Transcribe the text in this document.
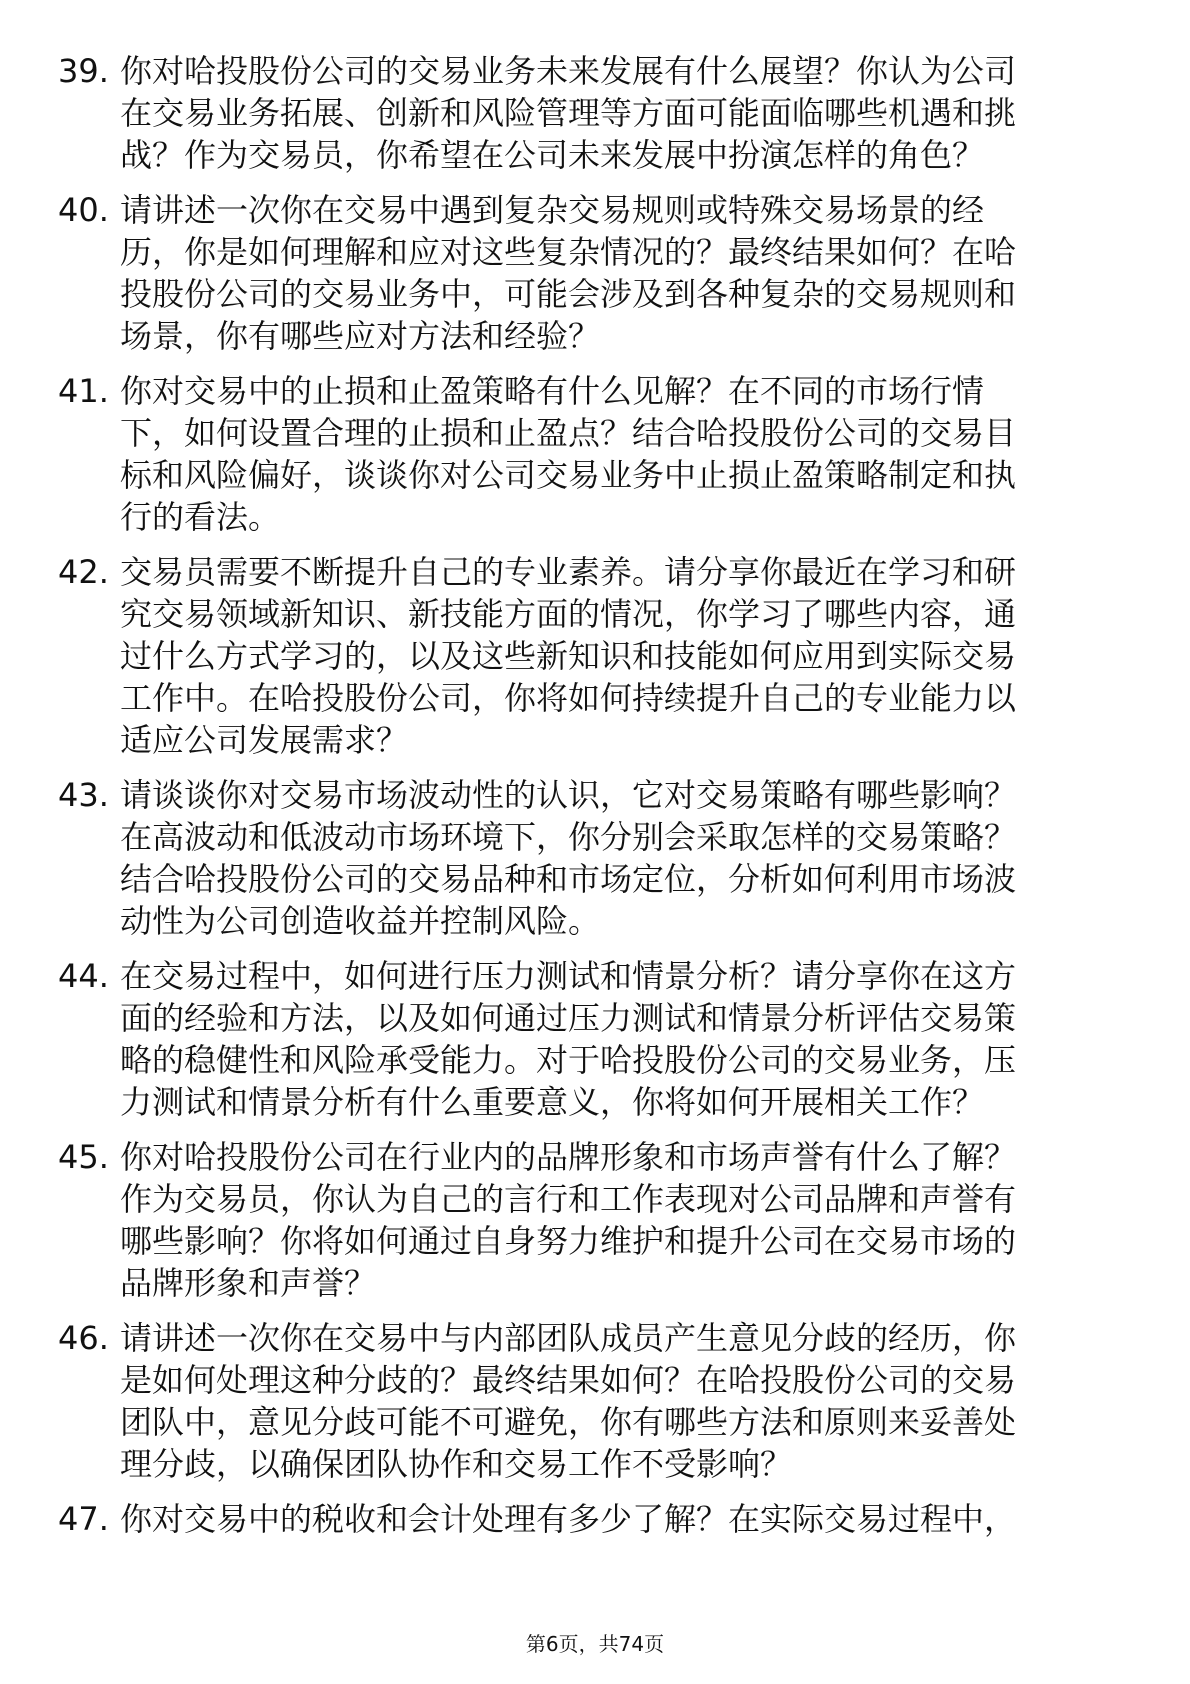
39. 你对哈投股份公司的交易业务未来发展有什么展望？你认为公司
在交易业务拓展、创新和风险管理等方面可能面临哪些机遇和挑
战？作为交易员，你希望在公司未来发展中扮演怎样的角色？
40. 请讲述一次你在交易中遇到复杂交易规则或特殊交易场景的经
历，你是如何理解和应对这些复杂情况的？最终结果如何？在哈
投股份公司的交易业务中，可能会涉及到各种复杂的交易规则和
场景，你有哪些应对方法和经验？
41. 你对交易中的止损和止盈策略有什么见解？在不同的市场行情
下，如何设置合理的止损和止盈点？结合哈投股份公司的交易目
标和风险偏好，谈谈你对公司交易业务中止损止盈策略制定和执
行的看法。
42. 交易员需要不断提升自己的专业素养。请分享你最近在学习和研
究交易领域新知识、新技能方面的情况，你学习了哪些内容，通
过什么方式学习的，以及这些新知识和技能如何应用到实际交易
工作中。在哈投股份公司，你将如何持续提升自己的专业能力以
适应公司发展需求？
43. 请谈谈你对交易市场波动性的认识，它对交易策略有哪些影响？
在高波动和低波动市场环境下，你分别会采取怎样的交易策略？
结合哈投股份公司的交易品种和市场定位，分析如何利用市场波
动性为公司创造收益并控制风险。
44. 在交易过程中，如何进行压力测试和情景分析？请分享你在这方
面的经验和方法，以及如何通过压力测试和情景分析评估交易策
略的稳健性和风险承受能力。对于哈投股份公司的交易业务，压
力测试和情景分析有什么重要意义，你将如何开展相关工作？
45. 你对哈投股份公司在行业内的品牌形象和市场声誉有什么了解？
作为交易员，你认为自己的言行和工作表现对公司品牌和声誉有
哪些影响？你将如何通过自身努力维护和提升公司在交易市场的
品牌形象和声誉？
46. 请讲述一次你在交易中与内部团队成员产生意见分歧的经历，你
是如何处理这种分歧的？最终结果如何？在哈投股份公司的交易
团队中，意见分歧可能不可避免，你有哪些方法和原则来妥善处
理分歧，以确保团队协作和交易工作不受影响？
47. 你对交易中的税收和会计处理有多少了解？在实际交易过程中，
第6页，共74页
